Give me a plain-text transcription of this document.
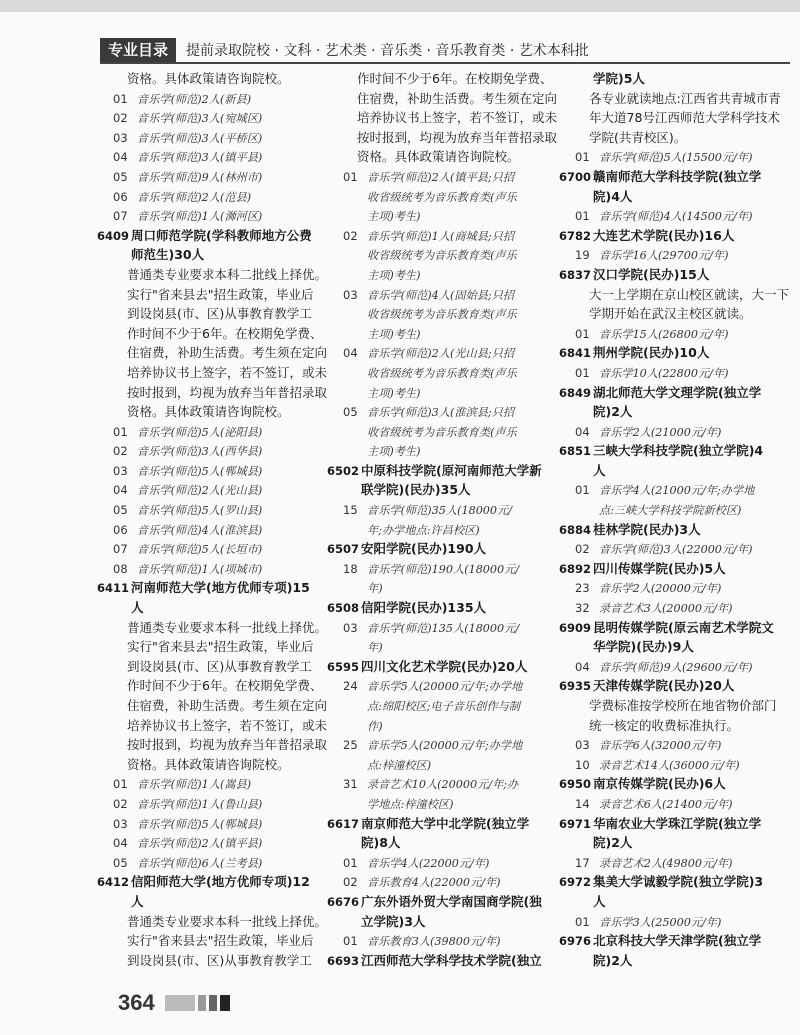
专业目录	提前录取院校 · 文科 · 艺术类 · 音乐类 · 音乐教育类 · 艺术本科批
资格。具体政策请咨询院校。
01 音乐学(师范)2人(新县)
02 音乐学(师范)3人(宛城区)
03 音乐学(师范)3人(平桥区)
04 音乐学(师范)3人(镇平县)
05 音乐学(师范)9人(林州市)
06 音乐学(师范)2人(范县)
07 音乐学(师范)1人(浉河区)
6409 周口师范学院(学科教师地方公费
师范生)30人
普通类专业要求本科二批线上择优。
实行"省来县去"招生政策，毕业后
到设岗县(市、区)从事教育教学工
作时间不少于6年。在校期免学费、
住宿费，补助生活费。考生须在定向
培养协议书上签字，若不签订，或未
按时报到，均视为放弃当年普招录取
资格。具体政策请咨询院校。
01 音乐学(师范)5人(泌阳县)
02 音乐学(师范)3人(西华县)
03 音乐学(师范)5人(郸城县)
04 音乐学(师范)2人(光山县)
05 音乐学(师范)5人(罗山县)
06 音乐学(师范)4人(淮滨县)
07 音乐学(师范)5人(长垣市)
08 音乐学(师范)1人(项城市)
6411 河南师范大学(地方优师专项)15
人
普通类专业要求本科一批线上择优。
实行"省来县去"招生政策，毕业后
到设岗县(市、区)从事教育教学工
作时间不少于6年。在校期免学费、
住宿费，补助生活费。考生须在定向
培养协议书上签字，若不签订，或未
按时报到，均视为放弃当年普招录取
资格。具体政策请咨询院校。
01 音乐学(师范)1人(嵩县)
02 音乐学(师范)1人(鲁山县)
03 音乐学(师范)5人(郸城县)
04 音乐学(师范)2人(镇平县)
05 音乐学(师范)6人(兰考县)
6412 信阳师范大学(地方优师专项)12
人
普通类专业要求本科一批线上择优。
实行"省来县去"招生政策，毕业后
到设岗县(市、区)从事教育教学工
作时间不少于6年。在校期免学费、
住宿费，补助生活费。考生须在定向
培养协议书上签字，若不签订，或未
按时报到，均视为放弃当年普招录取
资格。具体政策请咨询院校。
01 音乐学(师范)2人(镇平县;只招
收省级统考为音乐教育类(声乐
主项)考生)
02 音乐学(师范)1人(商城县;只招
收省级统考为音乐教育类(声乐
主项)考生)
03 音乐学(师范)4人(固始县;只招
收省级统考为音乐教育类(声乐
主项)考生)
04 音乐学(师范)2人(光山县;只招
收省级统考为音乐教育类(声乐
主项)考生)
05 音乐学(师范)3人(淮滨县;只招
收省级统考为音乐教育类(声乐
主项)考生)
6502 中原科技学院(原河南师范大学新
联学院)(民办)35人
15 音乐学(师范)35人(18000元/
年;办学地点:许昌校区)
6507 安阳学院(民办)190人
18 音乐学(师范)190人(18000元/
年)
6508 信阳学院(民办)135人
03 音乐学(师范)135人(18000元/
年)
6595 四川文化艺术学院(民办)20人
24 音乐学5人(20000元/年;办学地
点:绵阳校区;电子音乐创作与制
作)
25 音乐学5人(20000元/年;办学地
点:梓潼校区)
31 录音艺术10人(20000元/年;办
学地点:梓潼校区)
6617 南京师范大学中北学院(独立学
院)8人
01 音乐学4人(22000元/年)
02 音乐教育4人(22000元/年)
6676 广东外语外贸大学南国商学院(独
立学院)3人
01 音乐教育3人(39800元/年)
6693 江西师范大学科学技术学院(独立
学院)5人
各专业就读地点:江西省共青城市青
年大道78号江西师范大学科学技术
学院(共青校区)。
01 音乐学(师范)5人(15500元/年)
6700 赣南师范大学科技学院(独立学
院)4人
01 音乐学(师范)4人(14500元/年)
6782 大连艺术学院(民办)16人
19 音乐学16人(29700元/年)
6837 汉口学院(民办)15人
大一上学期在京山校区就读，大一下
学期开始在武汉主校区就读。
01 音乐学15人(26800元/年)
6841 荆州学院(民办)10人
01 音乐学10人(22800元/年)
6849 湖北师范大学文理学院(独立学
院)2人
04 音乐学2人(21000元/年)
6851 三峡大学科技学院(独立学院)4
人
01 音乐学4人(21000元/年;办学地
点:三峡大学科技学院新校区)
6884 桂林学院(民办)3人
02 音乐学(师范)3人(22000元/年)
6892 四川传媒学院(民办)5人
23 音乐学2人(20000元/年)
32 录音艺术3人(20000元/年)
6909 昆明传媒学院(原云南艺术学院文
华学院)(民办)9人
04 音乐学(师范)9人(29600元/年)
6935 天津传媒学院(民办)20人
学费标准按学校所在地省物价部门
统一核定的收费标准执行。
03 音乐学6人(32000元/年)
10 录音艺术14人(36000元/年)
6950 南京传媒学院(民办)6人
14 录音艺术6人(21400元/年)
6971 华南农业大学珠江学院(独立学
院)2人
17 录音艺术2人(49800元/年)
6972 集美大学诚毅学院(独立学院)3
人
01 音乐学3人(25000元/年)
6976 北京科技大学天津学院(独立学
院)2人
364
